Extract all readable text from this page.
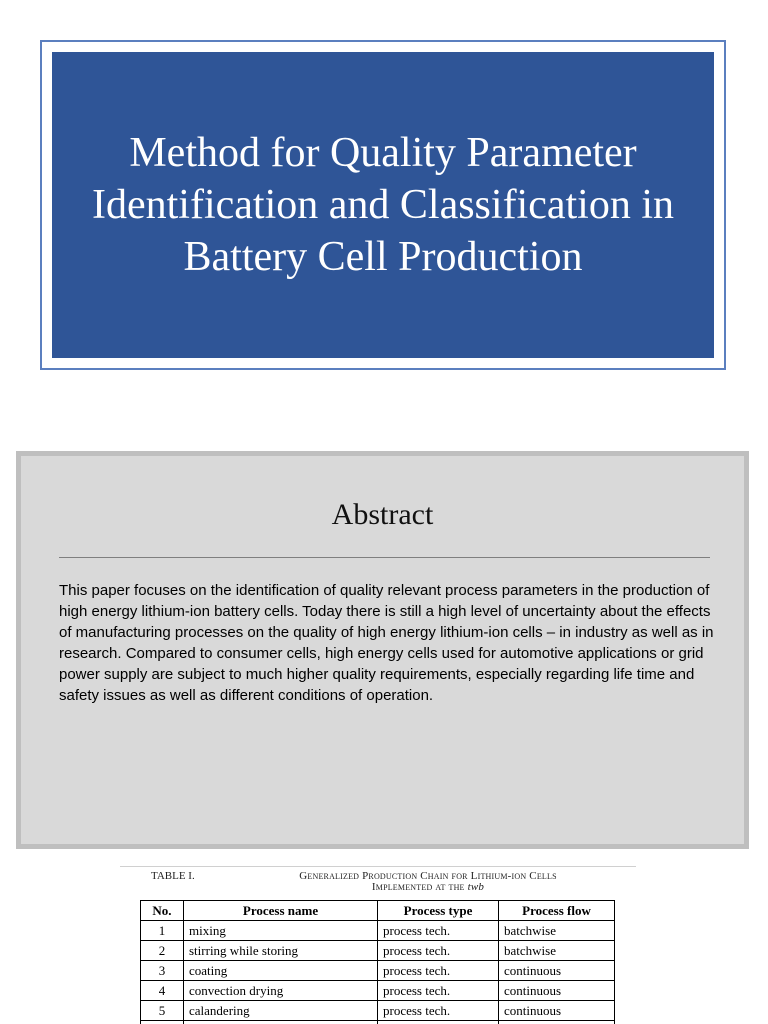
Method for Quality Parameter Identification and Classification in Battery Cell Production
Abstract

This paper focuses on the identification of quality relevant process parameters in the production of high energy lithium-ion battery cells. Today there is still a high level of uncertainty about the effects of manufacturing processes on the quality of high energy lithium-ion cells – in industry as well as in research. Compared to consumer cells, high energy cells used for automotive applications or grid power supply are subject to much higher quality requirements, especially regarding life time and safety issues as well as different conditions of operation.

TABLE I.	Generalized Production Chain for Lithium-ion Cells
Implemented at the twb
No.	Process name	Process type	Process flow
1	mixing	process tech.	batchwise
2	stirring while storing	process tech.	batchwise
3	coating	process tech.	continuous
4	convection drying	process tech.	continuous
5	calandering	process tech.	continuous
